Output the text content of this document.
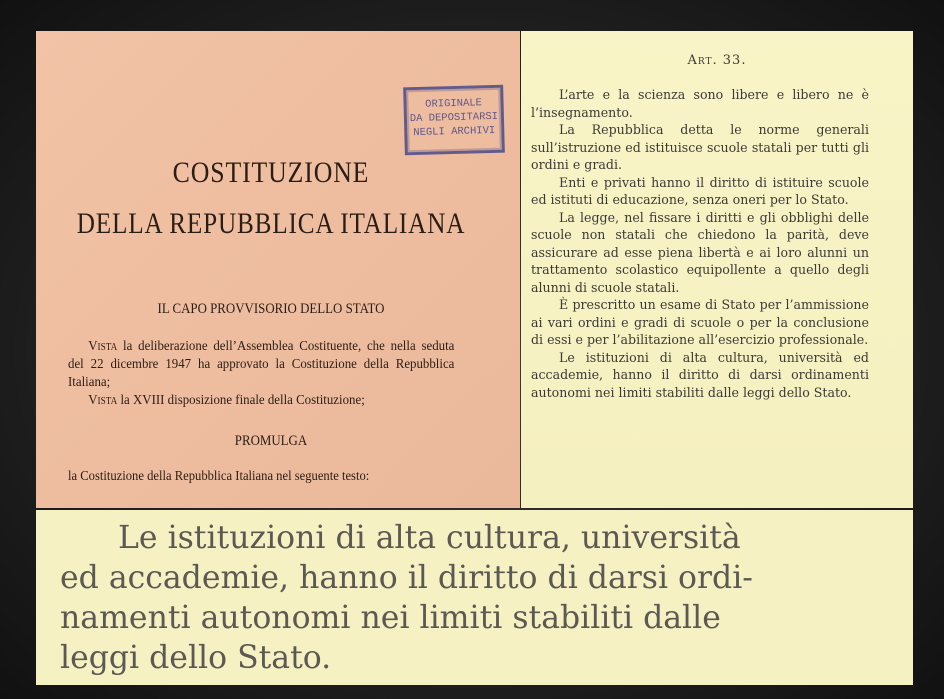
ORIGINALE
DA DEPOSITARSI
NEGLI ARCHIVI
COSTITUZIONE
DELLA REPUBBLICA ITALIANA
IL CAPO PROVVISORIO DELLO STATO

Vista la deliberazione dell’Assemblea Costituente, che nella seduta del 22 dicembre 1947 ha approvato la Costituzione della Repubblica Italiana;

Vista la XVIII disposizione finale della Costituzione;

PROMULGA
la Costituzione della Repubblica Italiana nel seguente testo:
Art. 33.

L’arte e la scienza sono libere e libero ne è l’insegnamento.

La Repubblica detta le norme generali sull’istruzione ed istituisce scuole statali per tutti gli ordini e gradi.

Enti e privati hanno il diritto di istituire scuole ed istituti di educazione, senza oneri per lo Stato.

La legge, nel fissare i diritti e gli obblighi delle scuole non statali che chiedono la parità, deve assicurare ad esse piena libertà e ai loro alunni un trattamento scolastico equipollente a quello degli alunni di scuole statali.

È prescritto un esame di Stato per l’ammissione ai vari ordini e gradi di scuole o per la conclusione di essi e per l’abilitazione all’esercizio professionale.

Le istituzioni di alta cultura, università ed accademie, hanno il diritto di darsi ordinamenti autonomi nei limiti stabiliti dalle leggi dello Stato.

Le istituzioni di alta cultura, università
ed accademie, hanno il diritto di darsi ordi-
namenti autonomi nei limiti stabiliti dalle
leggi dello Stato.
